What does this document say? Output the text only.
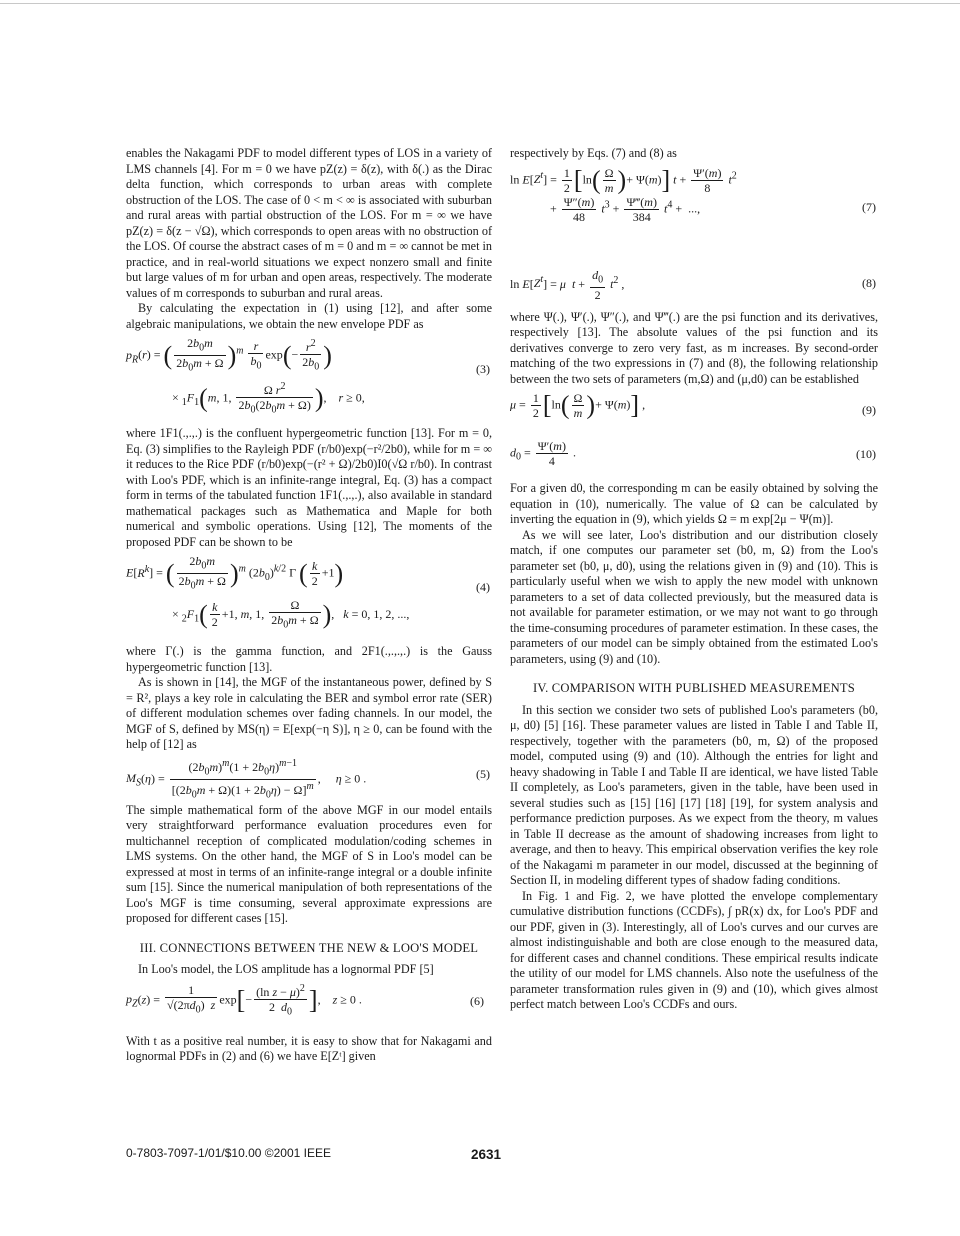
enables the Nakagami PDF to model different types of LOS in a variety of LMS channels [4]. For m = 0 we have pZ(z) = δ(z), with δ(.) as the Dirac delta function, which corresponds to urban areas with complete obstruction of the LOS. The case of 0 < m < ∞ is associated with suburban and rural areas with partial obstruction of the LOS. For m = ∞ we have pZ(z) = δ(z − √Ω), which corresponds to open areas with no obstruction of the LOS. Of course the abstract cases of m = 0 and m = ∞ cannot be met in practice, and in real-world situations we expect nonzero small and finite but large values of m for urban and open areas, respectively. The moderate values of m corresponds to suburban and rural areas.

By calculating the expectation in (1) using [12], and after some algebraic manipulations, we obtain the new envelope PDF as

$p_R(r)$ = ( $\frac{2b_0m}{2b_0m + \Omega} )^m \frac{r}{b_0} \exp(- \frac{r^2}{2b_0}$ )
× $_1F_1(m$, 1, $\frac{\Omega r^2}{2b_0(2b_0m + \Omega)}$ ),    r ≥ 0,
(3)

where 1F1(.,.,.) is the confluent hypergeometric function [13]. For m = 0, Eq. (3) simplifies to the Rayleigh PDF (r/b0)exp(−r²/2b0), while for m = ∞ it reduces to the Rice PDF (r/b0)exp(−(r² + Ω)/2b0)I0(√Ω r/b0). In contrast with Loo's PDF, which is an infinite-range integral, Eq. (3) has a compact form in terms of the tabulated function 1F1(.,.,.), also available in standard mathematical packages such as Mathematica and Maple for both numerical and symbolic operations. Using [12], The moments of the proposed PDF can be shown to be

$E[R^k]$ = ( $\frac{2b_0m}{2b_0m + \Omega} )^m$ $(2b_0)^{k/2}$ Γ ( $\frac{k}{2} +1$)
× $_2F_1( \frac{k}{2} +1$, m, 1, $\frac{\Omega}{2b_0m + \Omega}$ ),   k = 0, 1, 2, ...,
(4)

where Γ(.) is the gamma function, and 2F1(.,.,.,.) is the Gauss hypergeometric function [13].

As is shown in [14], the MGF of the instantaneous power, defined by S = R², plays a key role in calculating the BER and symbol error rate (SER) of different modulation schemes over fading channels. In our model, the MGF of S, defined by MS(η) = E[exp(−η S)], η ≥ 0, can be found with the help of [12] as

$M_S(\eta) = \frac{(2b_0m)^m(1 + 2b_0\eta)^{m-1}}{[(2b_0m + \Omega)(1 + 2b_0\eta) - \Omega]^m}$ ,     η ≥ 0 .	(5)

The simple mathematical form of the above MGF in our model entails very straightforward performance evaluation procedures even for multichannel reception of complicated modulation/coding schemes in LMS systems. On the other hand, the MGF of S in Loo's model can be expressed at most in terms of an infinite-range integral or a double infinite sum [15]. Since the numerical manipulation of both representations of the Loo's MGF is time consuming, several approximate expressions are proposed for different cases [15].

III. CONNECTIONS BETWEEN THE NEW & LOO'S MODEL

In Loo's model, the LOS amplitude has a lognormal PDF [5]

$p_Z(z) = \frac{1}{√(2\pi d_0) z} \exp[- \frac{(\ln z - \mu)^2}{2 d_0}$ ],    z ≥ 0 .	(6)

With t as a positive real number, it is easy to show that for Nakagami and lognormal PDFs in (2) and (6) we have E[Zᵗ] given

respectively by Eqs. (7) and (8) as

$\ln E[Z^t] = \frac{1}{2} [\ln( \frac{\Omega}{m}$ )+ Ψ(m)] $t + \frac{\Psi'(m)}{8} t^2$
+ $\frac{\Psi''(m)}{48} t^3 + \frac{\Psi‴(m)}{384} t^4$ +  ...,	(7)
$\ln E[Z^t] = \mu$ $t + \frac{d_0}{2} t^2$ ,	(8)

where Ψ(.), Ψ′(.), Ψ″(.), and Ψ‴(.) are the psi function and its derivatives, respectively [13]. The absolute values of the psi function and its derivatives converge to zero very fast, as m increases. By second-order matching of the two expressions in (7) and (8), the following relationship between the two sets of parameters (m,Ω) and (μ,d0) can be established

$\mu = \frac{1}{2} [\ln( \frac{\Omega}{m}$ )+ Ψ(m)] ,	(9)
$d_0 = \frac{\Psi'(m)}{4}$ .	(10)

For a given d0, the corresponding m can be easily obtained by solving the equation in (10), numerically. The value of Ω can be calculated by inverting the equation in (9), which yields Ω = m exp[2μ − Ψ(m)].

As we will see later, Loo's distribution and our distribution closely match, if one computes our parameter set (b0, m, Ω) from the Loo's parameter set (b0, μ, d0), using the relations given in (9) and (10). This is particularly useful when we wish to apply the new model with unknown parameters to a set of data collected previously, but the measured data is not available for parameter estimation, or we may not want to go through the time-consuming procedures of parameter estimation. In these cases, the parameters of our model can be simply obtained from the estimated Loo's parameters, using (9) and (10).

IV. COMPARISON WITH PUBLISHED MEASUREMENTS

In this section we consider two sets of published Loo's parameters (b0, μ, d0) [5] [16]. These parameter values are listed in Table I and Table II, respectively, together with the parameters (b0, m, Ω) of the proposed model, computed using (9) and (10). Although the entries for light and heavy shadowing in Table I and Table II are identical, we have listed Table II completely, as Loo's parameters, given in the table, have been used in several studies such as [15] [16] [17] [18] [19], for system analysis and performance prediction purposes. As we expect from the theory, m values in Table II decrease as the amount of shadowing increases from light to average, and then to heavy. This empirical observation verifies the key role of the Nakagami m parameter in our model, discussed at the beginning of Section II, in modeling different types of shadow fading conditions.

In Fig. 1 and Fig. 2, we have plotted the envelope complementary cumulative distribution functions (CCDFs), ∫ pR(x) dx, for Loo's PDF and our PDF, given in (3). Interestingly, all of Loo's curves and our curves are almost indistinguishable and both are close enough to the measured data, for different cases and channel conditions. These empirical results indicate the utility of our model for LMS channels. Also note the usefulness of the parameter transformation rules given in (9) and (10), which gives almost perfect match between Loo's CCDFs and ours.

0-7803-7097-1/01/$10.00 ©2001 IEEE	2631
